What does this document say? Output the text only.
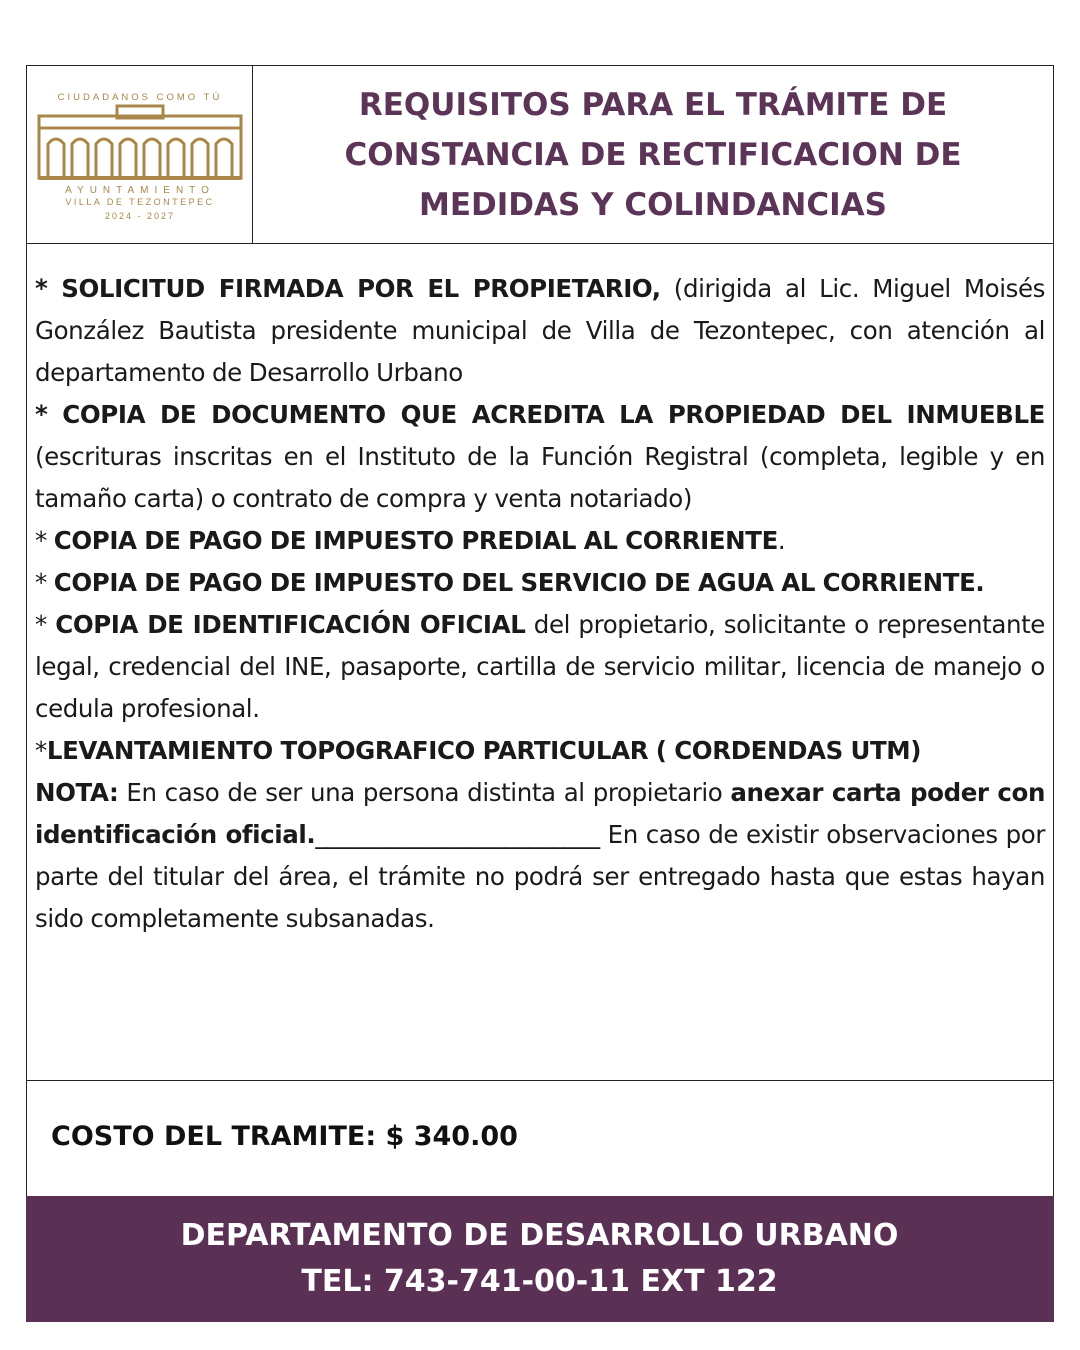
CIUDADANOS COMO TÚ
AYUNTAMIENTO
VILLA DE TEZONTEPEC
2024 - 2027
REQUISITOS PARA EL TRÁMITE DE CONSTANCIA DE RECTIFICACION DE MEDIDAS Y COLINDANCIAS

* SOLICITUD FIRMADA POR EL PROPIETARIO, (dirigida al Lic. Miguel Moisés González Bautista presidente municipal de Villa de Tezontepec, con atención al departamento de Desarrollo Urbano

* COPIA DE DOCUMENTO QUE ACREDITA LA PROPIEDAD DEL INMUEBLE (escrituras inscritas en el Instituto de la Función Registral (completa, legible y en tamaño carta) o contrato de compra y venta notariado)

* COPIA DE PAGO DE IMPUESTO PREDIAL AL CORRIENTE.

* COPIA DE PAGO DE IMPUESTO DEL SERVICIO DE AGUA AL CORRIENTE.

* COPIA DE IDENTIFICACIÓN OFICIAL del propietario, solicitante o representante legal, credencial del INE, pasaporte, cartilla de servicio militar, licencia de manejo o cedula profesional.

*LEVANTAMIENTO TOPOGRAFICO PARTICULAR ( CORDENDAS UTM)

NOTA: En caso de ser una persona distinta al propietario anexar carta poder con identificación oficial.________________________ En caso de existir observaciones por parte del titular del área, el trámite no podrá ser entregado hasta que estas hayan sido completamente subsanadas.

COSTO DEL TRAMITE: $ 340.00
DEPARTAMENTO DE DESARROLLO URBANO
TEL: 743-741-00-11 EXT 122
